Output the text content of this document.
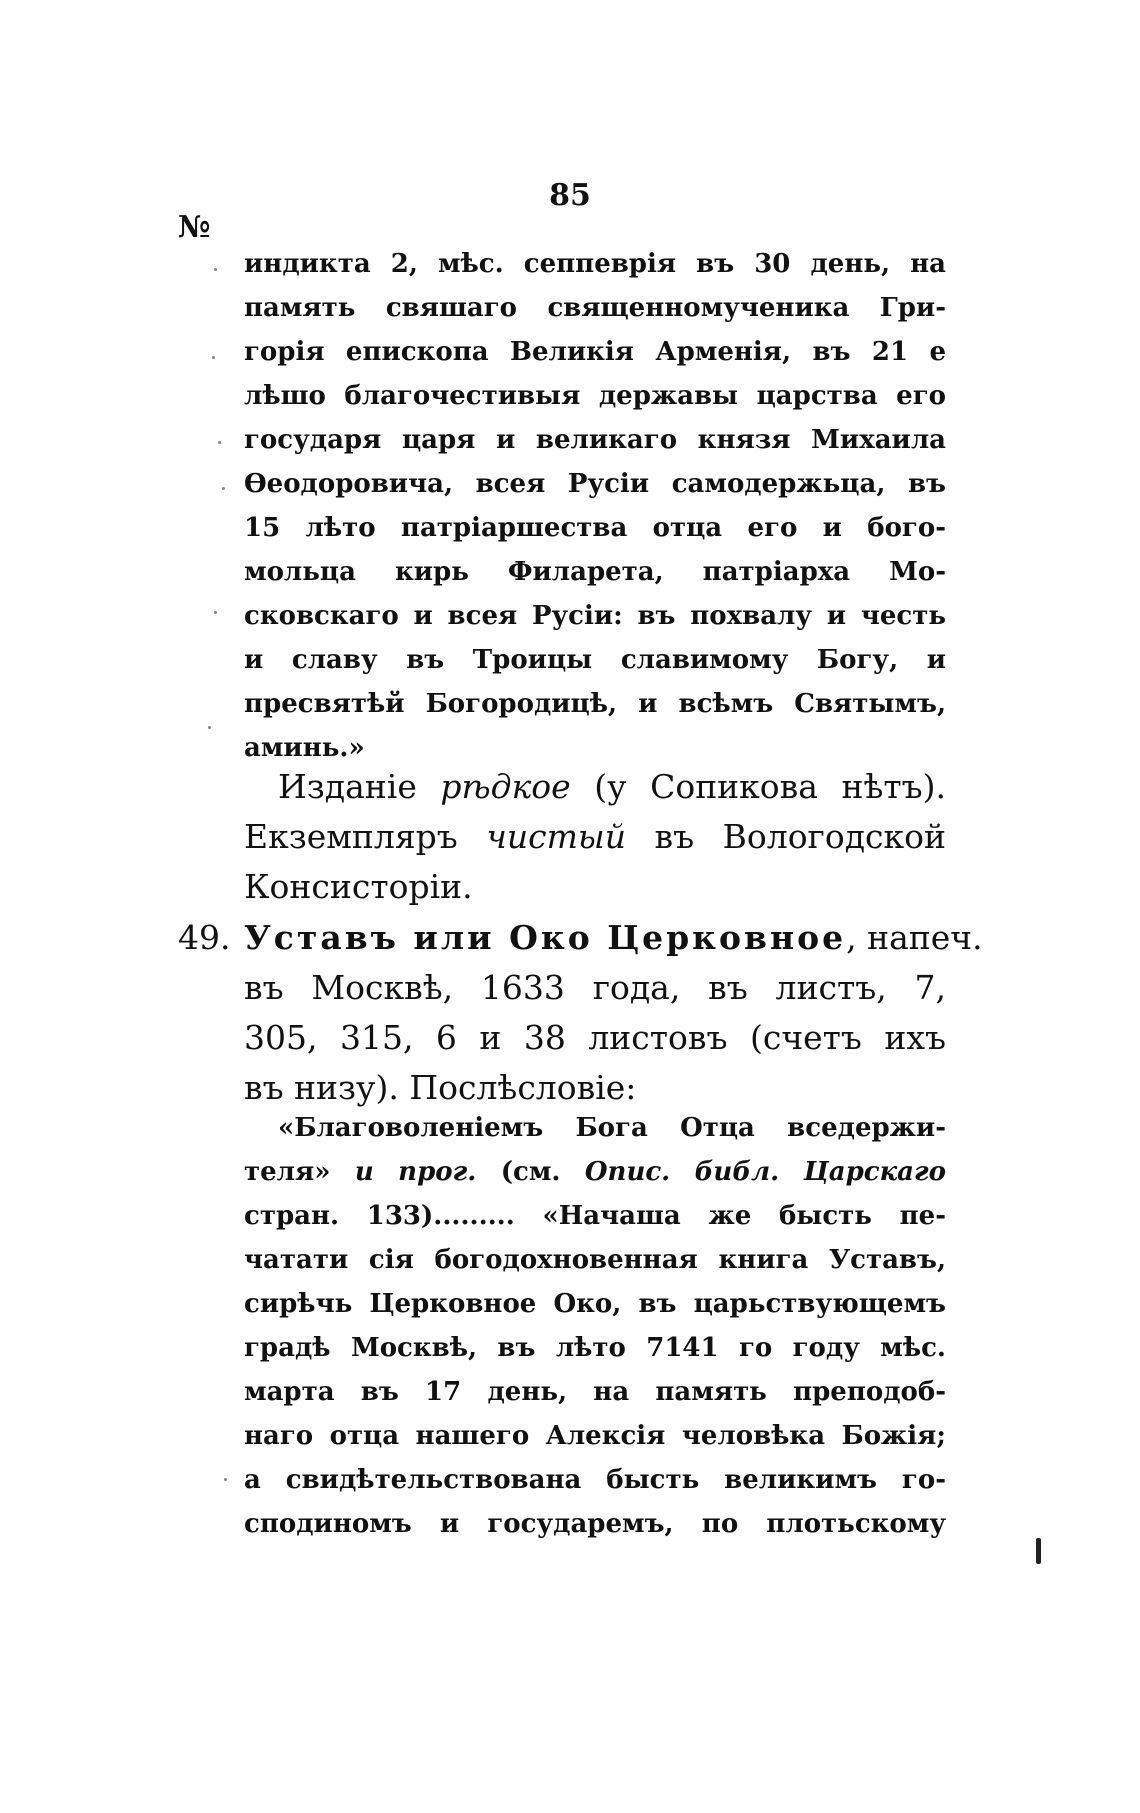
85
№
индикта 2, мѣс. сеппеврія въ 30 день, на
память свяшаго священномученика Гри-
горія епископа Великія Арменія, въ 21 е
лѣшо благочестивыя державы царства его
государя царя и великаго князя Михаила
Ѳеодоровича, всея Русіи самодержьца, въ
15 лѣто патріаршества отца его и бого-
мольца кирь Филарета, патріарха Мо-
сковскаго и всея Русіи: въ похвалу и честь
и славу въ Троицы славимому Богу, и
пресвятѣй Богородицѣ, и всѣмъ Святымъ,
аминь.»
Изданіе рѣдкое (у Сопикова нѣтъ).
Екземпляръ чистый въ Вологодской
Консисторіи.
49. Уставъ или Око Церковное, напеч.
въ Москвѣ, 1633 года, въ листъ, 7,
305, 315, 6 и 38 листовъ (счетъ ихъ
въ низу). Послѣсловіе:
«Благоволеніемъ Бога Отца вседержи-
теля» и прог. (см. Опис. библ. Царскаго
стран. 133)......... «Начаша же бысть пе-
чатати сія богодохновенная книга Уставъ,
сирѣчь Церковное Око, въ царьствующемъ
градѣ Москвѣ, въ лѣто 7141 го году мѣс.
марта въ 17 день, на память преподоб-
наго отца нашего Алексія человѣка Божія;
а свидѣтельствована бысть великимъ го-
сподиномъ и государемъ, по плотьскому
